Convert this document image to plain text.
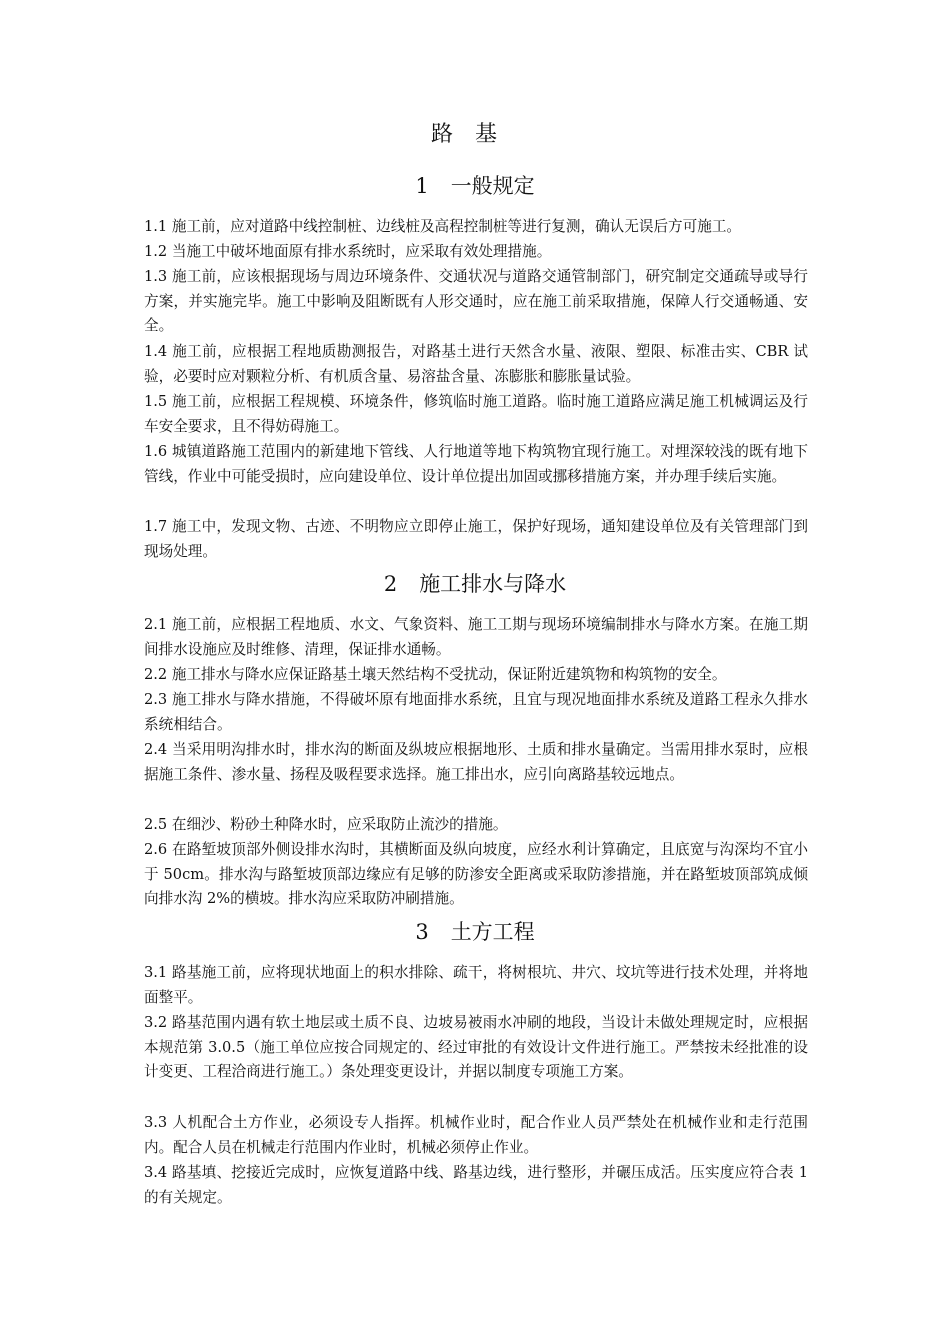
路基
1 一般规定

1.1 施工前，应对道路中线控制桩、边线桩及高程控制桩等进行复测，确认无误后方可施工。

1.2 当施工中破坏地面原有排水系统时，应采取有效处理措施。

1.3 施工前，应该根据现场与周边环境条件、交通状况与道路交通管制部门，研究制定交通疏导或导行方案，并实施完毕。施工中影响及阻断既有人形交通时，应在施工前采取措施，保障人行交通畅通、安全。

1.4 施工前，应根据工程地质勘测报告，对路基土进行天然含水量、液限、塑限、标准击实、CBR 试验，必要时应对颗粒分析、有机质含量、易溶盐含量、冻膨胀和膨胀量试验。

1.5 施工前，应根据工程规模、环境条件，修筑临时施工道路。临时施工道路应满足施工机械调运及行车安全要求，且不得妨碍施工。

1.6 城镇道路施工范围内的新建地下管线、人行地道等地下构筑物宜现行施工。对埋深较浅的既有地下管线，作业中可能受损时，应向建设单位、设计单位提出加固或挪移措施方案，并办理手续后实施。

1.7 施工中，发现文物、古迹、不明物应立即停止施工，保护好现场，通知建设单位及有关管理部门到现场处理。

2 施工排水与降水

2.1 施工前，应根据工程地质、水文、气象资料、施工工期与现场环境编制排水与降水方案。在施工期间排水设施应及时维修、清理，保证排水通畅。

2.2 施工排水与降水应保证路基土壤天然结构不受扰动，保证附近建筑物和构筑物的安全。

2.3 施工排水与降水措施，不得破坏原有地面排水系统，且宜与现况地面排水系统及道路工程永久排水系统相结合。

2.4 当采用明沟排水时，排水沟的断面及纵坡应根据地形、土质和排水量确定。当需用排水泵时，应根据施工条件、渗水量、扬程及吸程要求选择。施工排出水，应引向离路基较远地点。

2.5 在细沙、粉砂土种降水时，应采取防止流沙的措施。

2.6 在路堑坡顶部外侧设排水沟时，其横断面及纵向坡度，应经水利计算确定，且底宽与沟深均不宜小于 50cm。排水沟与路堑坡顶部边缘应有足够的防渗安全距离或采取防渗措施，并在路堑坡顶部筑成倾向排水沟 2%的横坡。排水沟应采取防冲刷措施。

3 土方工程

3.1 路基施工前，应将现状地面上的积水排除、疏干，将树根坑、井穴、坟坑等进行技术处理，并将地面整平。

3.2 路基范围内遇有软土地层或土质不良、边坡易被雨水冲刷的地段，当设计未做处理规定时，应根据本规范第 3.0.5（施工单位应按合同规定的、经过审批的有效设计文件进行施工。严禁按未经批准的设计变更、工程洽商进行施工。）条处理变更设计，并据以制度专项施工方案。

3.3 人机配合土方作业，必须设专人指挥。机械作业时，配合作业人员严禁处在机械作业和走行范围内。配合人员在机械走行范围内作业时，机械必须停止作业。

3.4 路基填、挖接近完成时，应恢复道路中线、路基边线，进行整形，并碾压成活。压实度应符合表 1 的有关规定。
